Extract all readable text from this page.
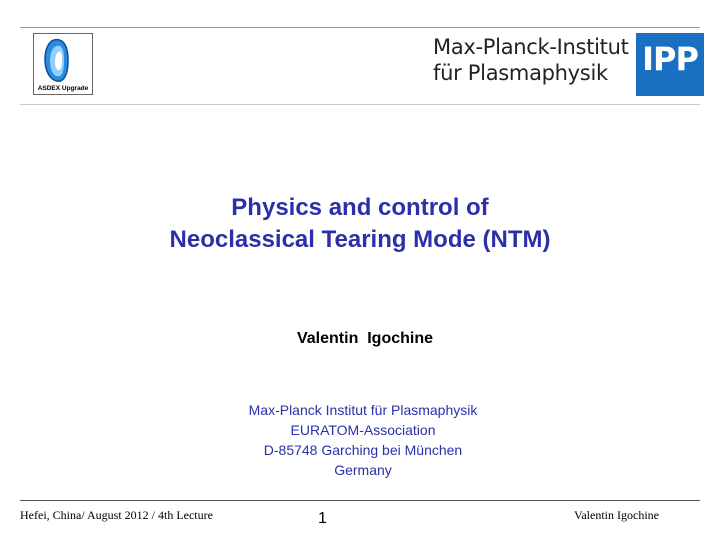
ASDEX Upgrade
Max-Planck-Institut
für Plasmaphysik	IPP
Physics and control of
Neoclassical Tearing Mode (NTM)
Valentin  Igochine
Max-Planck Institut für Plasmaphysik
EURATOM-Association
D-85748 Garching bei München
Germany
Hefei, China/ August 2012 / 4th Lecture	1	Valentin Igochine
